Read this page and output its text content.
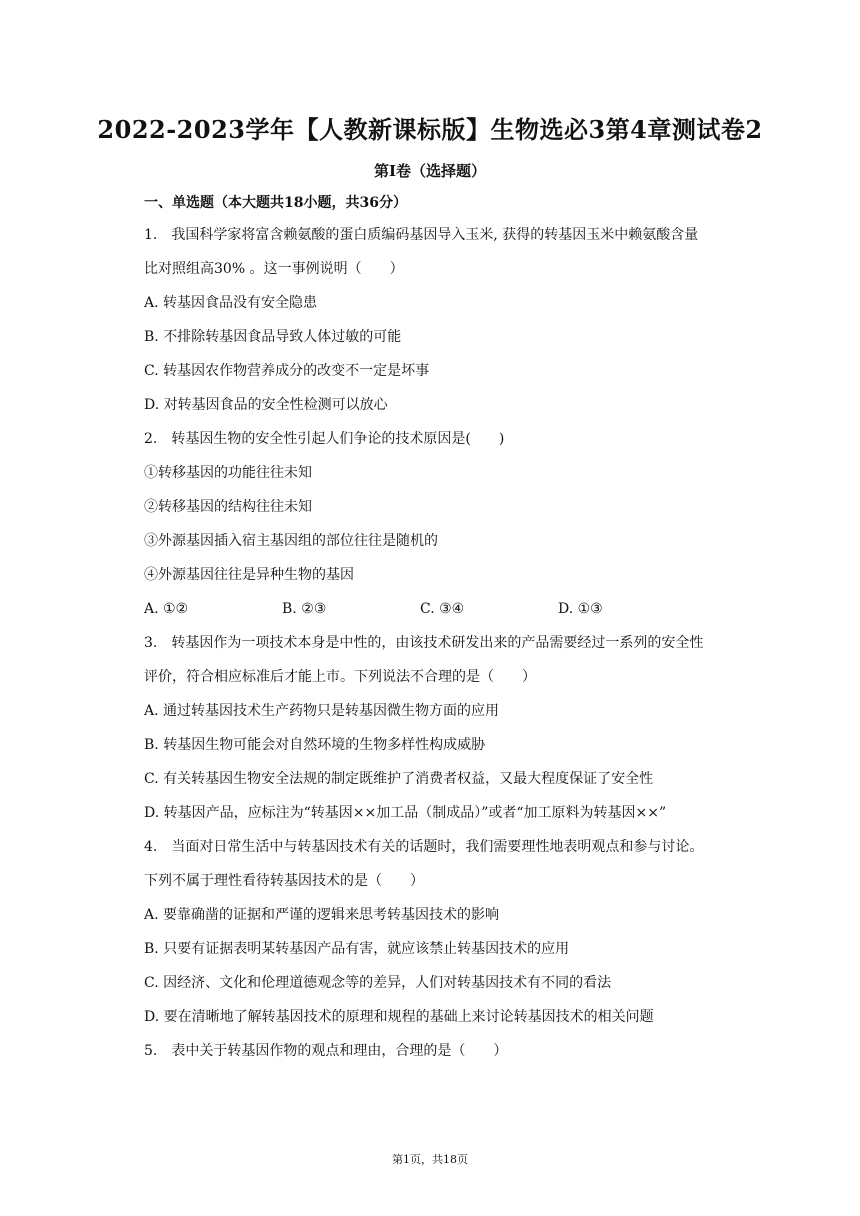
2022-2023学年【人教新课标版】生物选必3第4章测试卷2
第I卷（选择题）
一、单选题（本大题共18小题，共36分）
1.　我国科学家将富含赖氨酸的蛋白质编码基因导入玉米, 获得的转基因玉米中赖氨酸含量
比对照组高30% 。这一事例说明（　　）
A. 转基因食品没有安全隐患
B. 不排除转基因食品导致人体过敏的可能
C. 转基因农作物营养成分的改变不一定是坏事
D. 对转基因食品的安全性检测可以放心
2.　转基因生物的安全性引起人们争论的技术原因是(　　)
①转移基因的功能往往未知
②转移基因的结构往往未知
③外源基因插入宿主基因组的部位往往是随机的
④外源基因往往是异种生物的基因
A. ①②	B. ②③	C. ③④	D. ①③
3.　转基因作为一项技术本身是中性的，由该技术研发出来的产品需要经过一系列的安全性
评价，符合相应标准后才能上市。下列说法不合理的是（　　）
A. 通过转基因技术生产药物只是转基因微生物方面的应用
B. 转基因生物可能会对自然环境的生物多样性构成威胁
C. 有关转基因生物安全法规的制定既维护了消费者权益，又最大程度保证了安全性
D. 转基因产品，应标注为“转基因××加工品（制成品）”或者“加工原料为转基因××”
4.　当面对日常生活中与转基因技术有关的话题时，我们需要理性地表明观点和参与讨论。
下列不属于理性看待转基因技术的是（　　）
A. 要靠确凿的证据和严谨的逻辑来思考转基因技术的影响
B. 只要有证据表明某转基因产品有害，就应该禁止转基因技术的应用
C. 因经济、文化和伦理道德观念等的差异，人们对转基因技术有不同的看法
D. 要在清晰地了解转基因技术的原理和规程的基础上来讨论转基因技术的相关问题
5.　表中关于转基因作物的观点和理由，合理的是（　　）
第1页，共18页
